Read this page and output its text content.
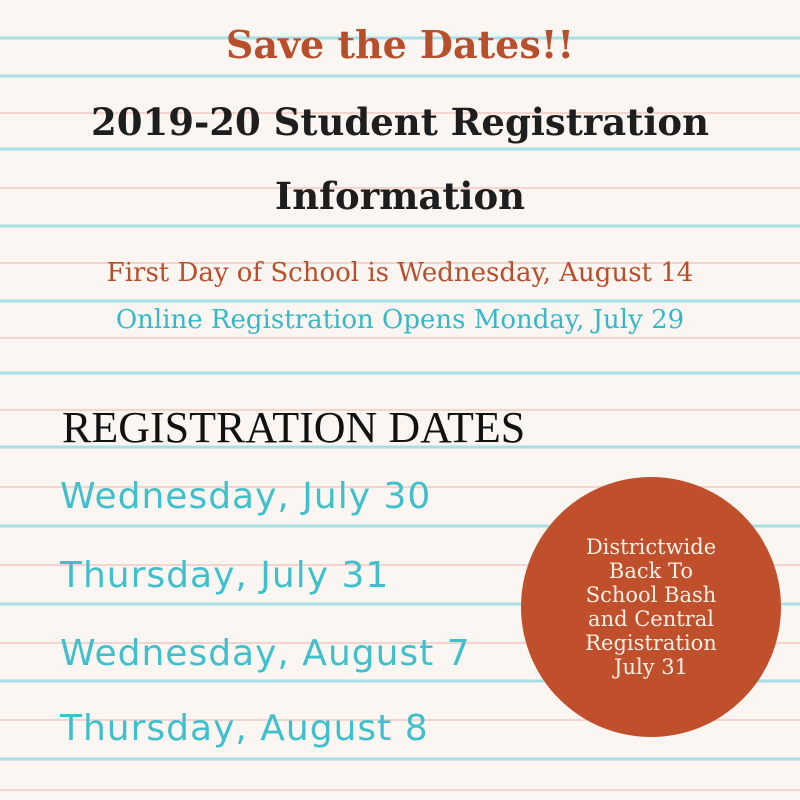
Save the Dates!!
2019-20 Student Registration
Information
First Day of School is Wednesday, August 14
Online Registration Opens Monday, July 29
REGISTRATION DATES
Wednesday, July 30
Thursday, July 31
Wednesday, August 7
Thursday, August 8
Districtwide
Back To
School Bash
and Central
Registration
July 31
